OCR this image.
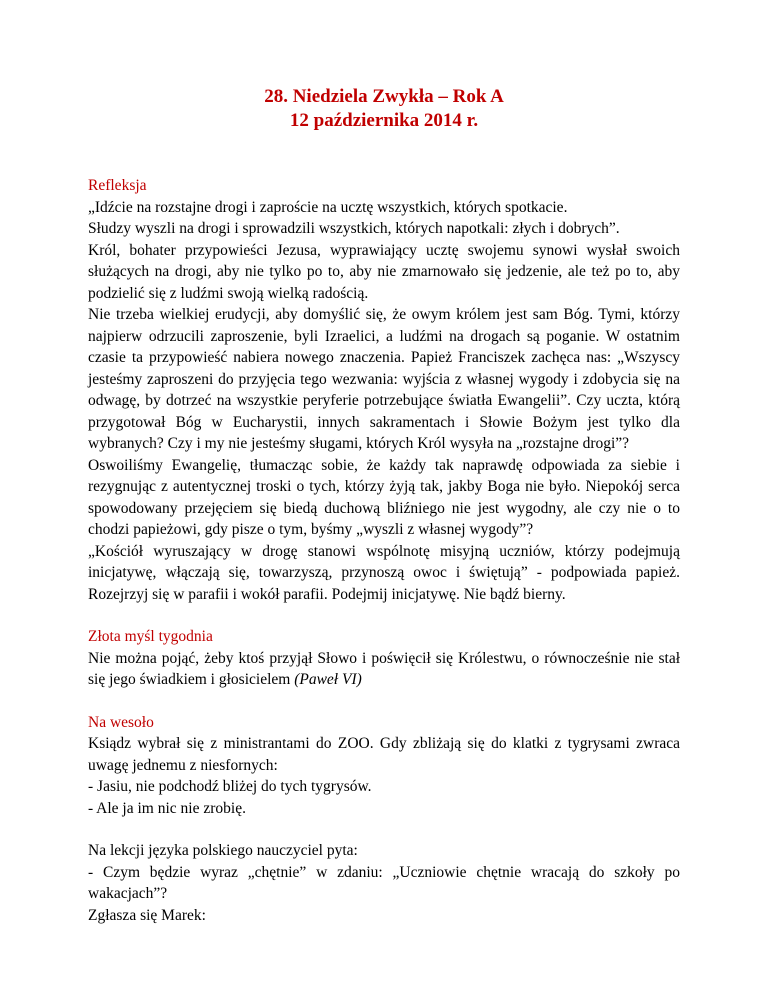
28. Niedziela Zwykła – Rok A
12 października 2014 r.
Refleksja
„Idźcie na rozstajne drogi i zaproście na ucztę wszystkich, których spotkacie.
Słudzy wyszli na drogi i sprowadzili wszystkich, których napotkali: złych i dobrych”.
Król, bohater przypowieści Jezusa, wyprawiający ucztę swojemu synowi wysłał swoich służących na drogi, aby nie tylko po to, aby nie zmarnowało się jedzenie, ale też po to, aby podzielić się z ludźmi swoją wielką radością.
Nie trzeba wielkiej erudycji, aby domyślić się, że owym królem jest sam Bóg. Tymi, którzy najpierw odrzucili zaproszenie, byli Izraelici, a ludźmi na drogach są poganie. W ostatnim czasie ta przypowieść nabiera nowego znaczenia. Papież Franciszek zachęca nas: „Wszyscy jesteśmy zaproszeni do przyjęcia tego wezwania: wyjścia z własnej wygody i zdobycia się na odwagę, by dotrzeć na wszystkie peryferie potrzebujące światła Ewangelii”. Czy uczta, którą przygotował Bóg w Eucharystii, innych sakramentach i Słowie Bożym jest tylko dla wybranych? Czy i my nie jesteśmy sługami, których Król wysyła na „rozstajne drogi”?
Oswoiliśmy Ewangelię, tłumacząc sobie, że każdy tak naprawdę odpowiada za siebie i rezygnując z autentycznej troski o tych, którzy żyją tak, jakby Boga nie było. Niepokój serca spowodowany przejęciem się biedą duchową bliźniego nie jest wygodny, ale czy nie o to chodzi papieżowi, gdy pisze o tym, byśmy „wyszli z własnej wygody”?
„Kościół wyruszający w drogę stanowi wspólnotę misyjną uczniów, którzy podejmują inicjatywę, włączają się, towarzyszą, przynoszą owoc i świętują” - podpowiada papież. Rozejrzyj się w parafii i wokół parafii. Podejmij inicjatywę. Nie bądź bierny.
Złota myśl tygodnia
Nie można pojąć, żeby ktoś przyjął Słowo i poświęcił się Królestwu, o równocześnie nie stał się jego świadkiem i głosicielem (Paweł VI)
Na wesoło
Ksiądz wybrał się z ministrantami do ZOO. Gdy zbliżają się do klatki z tygrysami zwraca uwagę jednemu z niesfornych:
- Jasiu, nie podchodź bliżej do tych tygrysów.
- Ale ja im nic nie zrobię.
Na lekcji języka polskiego nauczyciel pyta:
- Czym będzie wyraz „chętnie” w zdaniu: „Uczniowie chętnie wracają do szkoły po wakacjach”?
Zgłasza się Marek:
